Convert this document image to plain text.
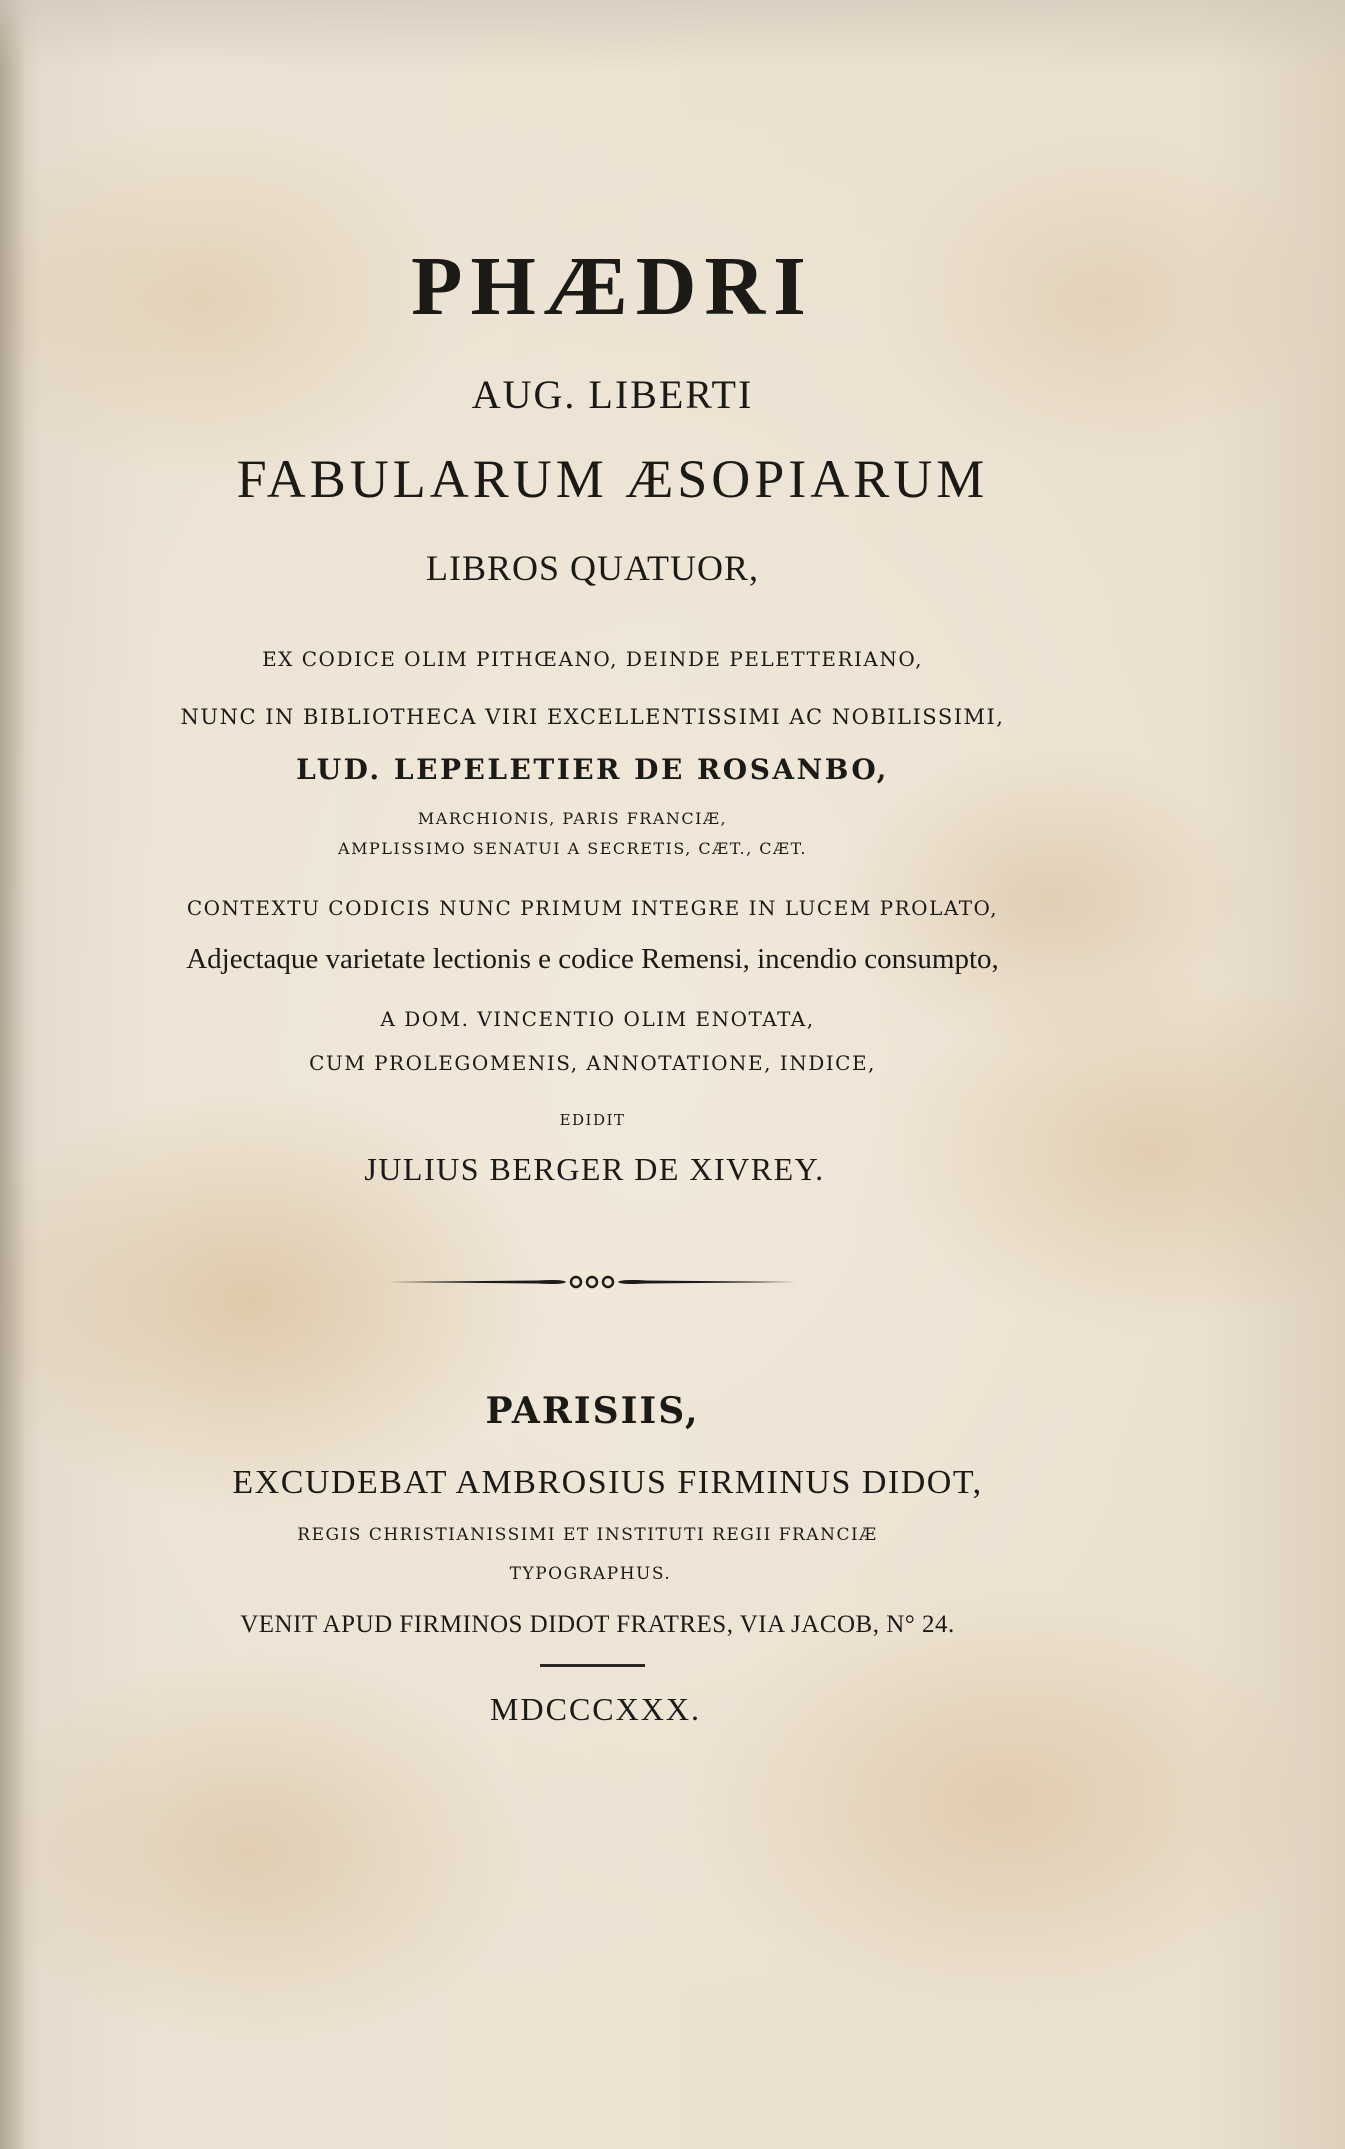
PHÆDRI

AUG. LIBERTI

FABULARUM ÆSOPIARUM

LIBROS QUATUOR,

EX CODICE OLIM PITHŒANO, DEINDE PELETTERIANO,

NUNC IN BIBLIOTHECA VIRI EXCELLENTISSIMI AC NOBILISSIMI,

LUD. LEPELETIER DE ROSANBO,

MARCHIONIS, PARIS FRANCIÆ,

AMPLISSIMO SENATUI A SECRETIS, CÆT., CÆT.

CONTEXTU CODICIS NUNC PRIMUM INTEGRE IN LUCEM PROLATO,

Adjectaque varietate lectionis e codice Remensi, incendio consumpto,

A DOM. VINCENTIO OLIM ENOTATA,

CUM PROLEGOMENIS, ANNOTATIONE, INDICE,

EDIDIT

JULIUS BERGER DE XIVREY.

PARISIIS,

EXCUDEBAT AMBROSIUS FIRMINUS DIDOT,

REGIS CHRISTIANISSIMI ET INSTITUTI REGII FRANCIÆ

TYPOGRAPHUS.

VENIT APUD FIRMINOS DIDOT FRATRES, VIA JACOB, N° 24.

MDCCCXXX.
